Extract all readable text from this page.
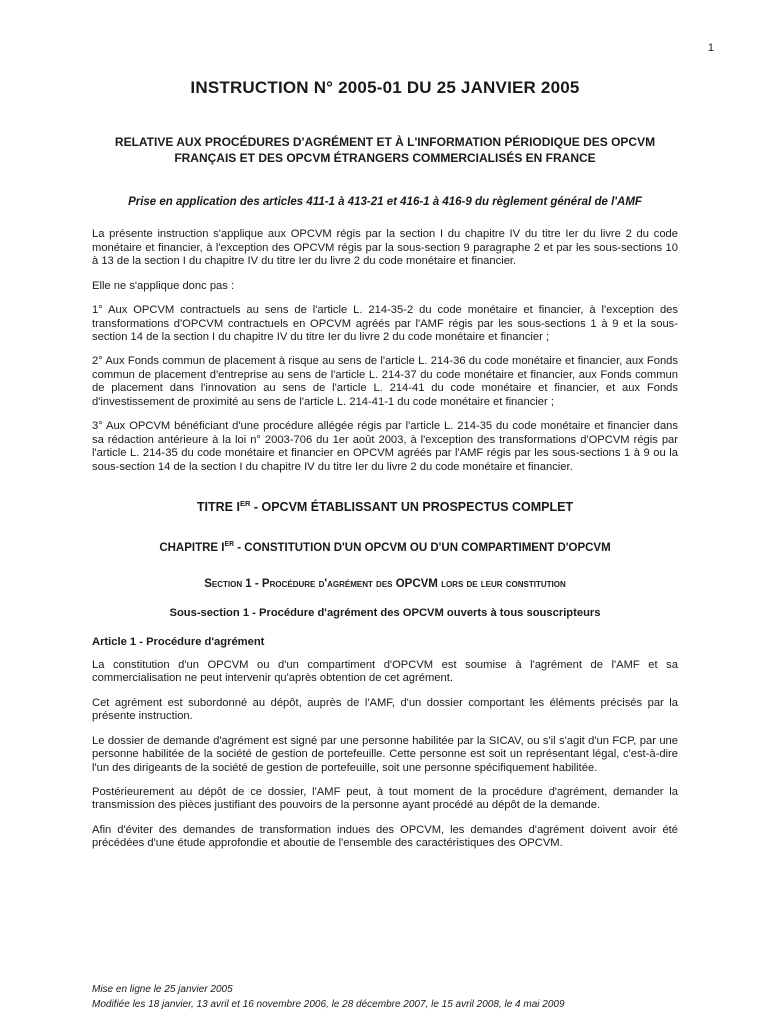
1
INSTRUCTION N° 2005-01 DU 25 JANVIER 2005
RELATIVE AUX PROCÉDURES D'AGRÉMENT ET À L'INFORMATION PÉRIODIQUE DES OPCVM FRANÇAIS ET DES OPCVM ÉTRANGERS COMMERCIALISÉS EN FRANCE
Prise en application des articles 411-1 à 413-21 et 416-1 à 416-9 du règlement général de l'AMF

La présente instruction s'applique aux OPCVM régis par la section I du chapitre IV du titre Ier du livre 2 du code monétaire et financier, à l'exception des OPCVM régis par la sous-section 9 paragraphe 2 et par les sous-sections 10 à 13 de la section I du chapitre IV du titre Ier du livre 2 du code monétaire et financier.

Elle ne s'applique donc pas :

1° Aux OPCVM contractuels au sens de l'article L. 214-35-2 du code monétaire et financier, à l'exception des transformations d'OPCVM contractuels en OPCVM agréés par l'AMF régis par les sous-sections 1 à 9 et la sous-section 14 de la section I du chapitre IV du titre Ier du livre 2 du code monétaire et financier ;

2° Aux Fonds commun de placement à risque au sens de l'article L. 214-36 du code monétaire et financier, aux Fonds commun de placement d'entreprise au sens de l'article L. 214-37 du code monétaire et financier, aux Fonds commun de placement dans l'innovation au sens de l'article L. 214-41 du code monétaire et financier, et aux Fonds d'investissement de proximité au sens de l'article L. 214-41-1 du code monétaire et financier ;

3° Aux OPCVM bénéficiant d'une procédure allégée régis par l'article L. 214-35 du code monétaire et financier dans sa rédaction antérieure à la loi n° 2003-706 du 1er août 2003, à l'exception des transformations d'OPCVM régis par l'article L. 214-35 du code monétaire et financier en OPCVM agréés par l'AMF régis par les sous-sections 1 à 9 ou la sous-section 14 de la section I du chapitre IV du titre Ier du livre 2 du code monétaire et financier.

TITRE IER - OPCVM ÉTABLISSANT UN PROSPECTUS COMPLET
CHAPITRE IER - CONSTITUTION D'UN OPCVM OU D'UN COMPARTIMENT D'OPCVM
Section 1 - Procédure d'agrément des OPCVM lors de leur constitution
Sous-section 1 - Procédure d'agrément des OPCVM ouverts à tous souscripteurs
Article 1 - Procédure d'agrément

La constitution d'un OPCVM ou d'un compartiment d'OPCVM est soumise à l'agrément de l'AMF et sa commercialisation ne peut intervenir qu'après obtention de cet agrément.

Cet agrément est subordonné au dépôt, auprès de l'AMF, d'un dossier comportant les éléments précisés par la présente instruction.

Le dossier de demande d'agrément est signé par une personne habilitée par la SICAV, ou s'il s'agit d'un FCP, par une personne habilitée de la société de gestion de portefeuille. Cette personne est soit un représentant légal, c'est-à-dire l'un des dirigeants de la société de gestion de portefeuille, soit une personne spécifiquement habilitée.

Postérieurement au dépôt de ce dossier, l'AMF peut, à tout moment de la procédure d'agrément, demander la transmission des pièces justifiant des pouvoirs de la personne ayant procédé au dépôt de la demande.

Afin d'éviter des demandes de transformation indues des OPCVM, les demandes d'agrément doivent avoir été précédées d'une étude approfondie et aboutie de l'ensemble des caractéristiques des OPCVM.

Mise en ligne le 25 janvier 2005
Modifiée les 18 janvier, 13 avril et 16 novembre 2006, le 28 décembre 2007, le 15 avril 2008, le 4 mai 2009
